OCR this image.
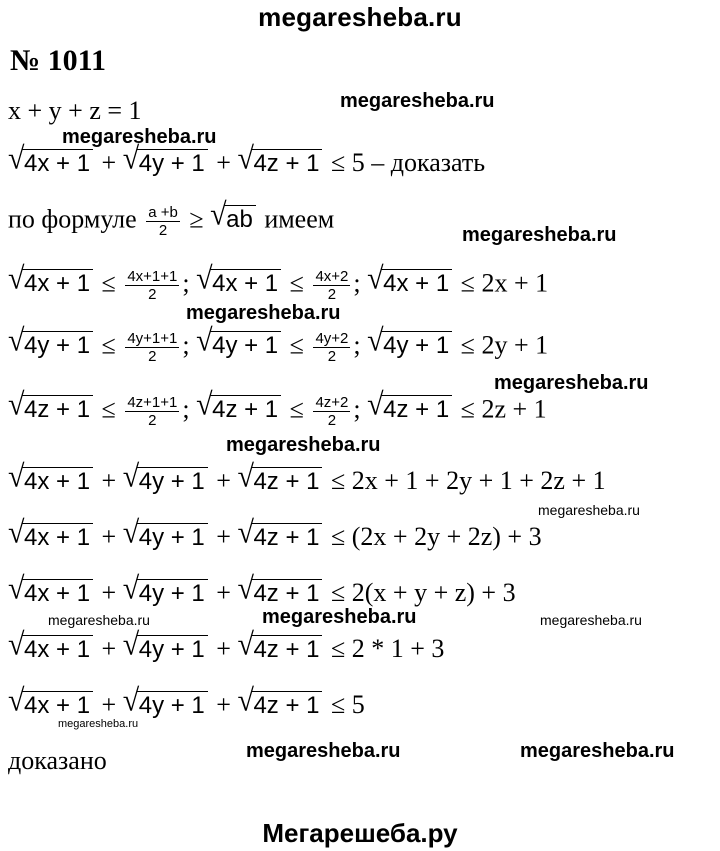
megaresheba.ru
№ 1011
x + y + z = 1
√ 4x + 1 + √ 4y + 1 + √ 4z + 1 ≤ 5 – доказать
по формуле $\frac{a +b}{2}$ ≥ √ ab имеем
√ $4x + 1 \le \frac{4x+1+1}{2}$ ; √ $4x + 1 \le \frac{4x+2}{2}$ ; √ 4x + 1 ≤ 2x + 1
√ $4y + 1 \le \frac{4y+1+1}{2}$ ; √ $4y + 1 \le \frac{4y+2}{2}$ ; √ 4y + 1 ≤ 2y + 1
√ $4z + 1 \le \frac{4z+1+1}{2}$ ; √ $4z + 1 \le \frac{4z+2}{2}$ ; √ 4z + 1 ≤ 2z + 1
√ 4x + 1 + √ 4y + 1 + √ 4z + 1 ≤ 2x + 1 + 2y + 1 + 2z + 1
√ 4x + 1 + √ 4y + 1 + √ 4z + 1 ≤ (2x + 2y + 2z) + 3
√ 4x + 1 + √ 4y + 1 + √ 4z + 1 ≤ 2(x + y + z) + 3
√ 4x + 1 + √ 4y + 1 + √ 4z + 1 ≤ 2 * 1 + 3
√ 4x + 1 + √ 4y + 1 + √ 4z + 1 ≤ 5
доказано
megaresheba.ru
megaresheba.ru
megaresheba.ru
megaresheba.ru
megaresheba.ru
megaresheba.ru
megaresheba.ru
megaresheba.ru
megaresheba.ru	megaresheba.ru
megaresheba.ru
megaresheba.ru	megaresheba.ru
Мегарешеба.ру
